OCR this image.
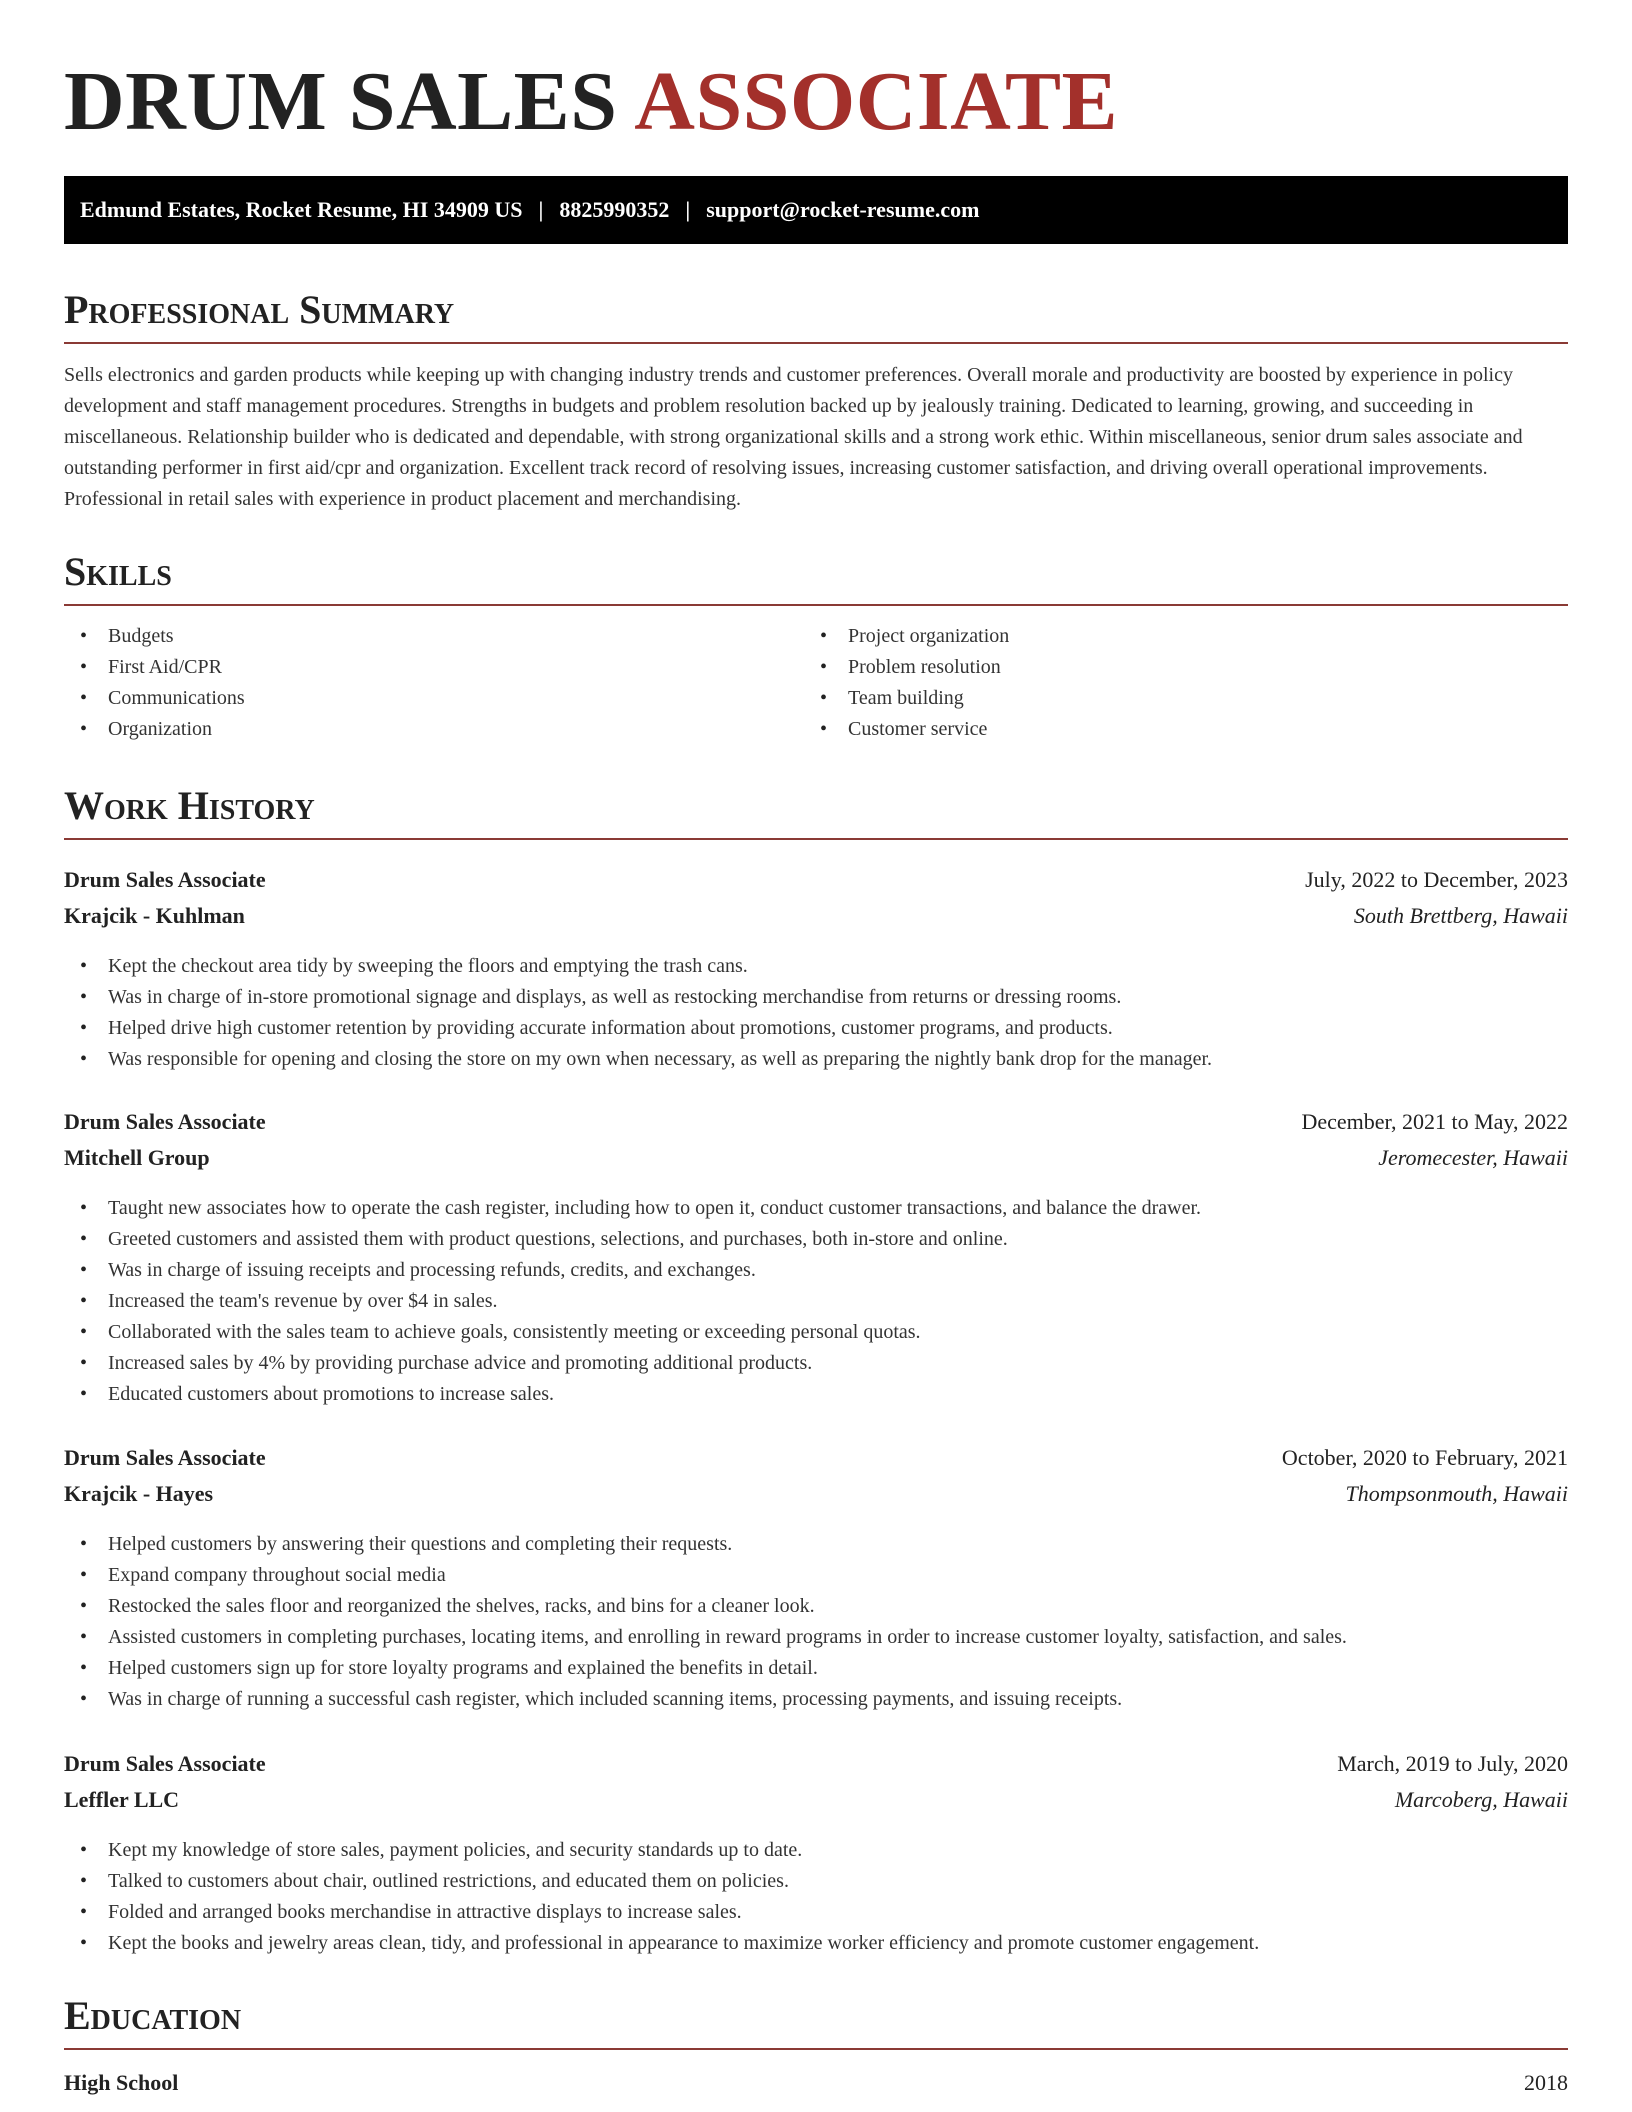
DRUM SALES ASSOCIATE
Edmund Estates, Rocket Resume, HI 34909 US | 8825990352 | support@rocket-resume.com
Professional Summary

Sells electronics and garden products while keeping up with changing industry trends and customer preferences. Overall morale and productivity are boosted by experience in policy development and staff management procedures. Strengths in budgets and problem resolution backed up by jealously training. Dedicated to learning, growing, and succeeding in miscellaneous. Relationship builder who is dedicated and dependable, with strong organizational skills and a strong work ethic. Within miscellaneous, senior drum sales associate and outstanding performer in first aid/cpr and organization. Excellent track record of resolving issues, increasing customer satisfaction, and driving overall operational improvements. Professional in retail sales with experience in product placement and merchandising.

Skills
• Budgets
• First Aid/CPR
• Communications
• Organization
• Project organization
• Problem resolution
• Team building
• Customer service
Work History
Drum Sales Associate	July, 2022 to December, 2023
Krajcik - Kuhlman	South Brettberg, Hawaii
• Kept the checkout area tidy by sweeping the floors and emptying the trash cans.
• Was in charge of in-store promotional signage and displays, as well as restocking merchandise from returns or dressing rooms.
• Helped drive high customer retention by providing accurate information about promotions, customer programs, and products.
• Was responsible for opening and closing the store on my own when necessary, as well as preparing the nightly bank drop for the manager.
Drum Sales Associate	December, 2021 to May, 2022
Mitchell Group	Jeromecester, Hawaii
• Taught new associates how to operate the cash register, including how to open it, conduct customer transactions, and balance the drawer.
• Greeted customers and assisted them with product questions, selections, and purchases, both in-store and online.
• Was in charge of issuing receipts and processing refunds, credits, and exchanges.
• Increased the team's revenue by over $4 in sales.
• Collaborated with the sales team to achieve goals, consistently meeting or exceeding personal quotas.
• Increased sales by 4% by providing purchase advice and promoting additional products.
• Educated customers about promotions to increase sales.
Drum Sales Associate	October, 2020 to February, 2021
Krajcik - Hayes	Thompsonmouth, Hawaii
• Helped customers by answering their questions and completing their requests.
• Expand company throughout social media
• Restocked the sales floor and reorganized the shelves, racks, and bins for a cleaner look.
• Assisted customers in completing purchases, locating items, and enrolling in reward programs in order to increase customer loyalty, satisfaction, and sales.
• Helped customers sign up for store loyalty programs and explained the benefits in detail.
• Was in charge of running a successful cash register, which included scanning items, processing payments, and issuing receipts.
Drum Sales Associate	March, 2019 to July, 2020
Leffler LLC	Marcoberg, Hawaii
• Kept my knowledge of store sales, payment policies, and security standards up to date.
• Talked to customers about chair, outlined restrictions, and educated them on policies.
• Folded and arranged books merchandise in attractive displays to increase sales.
• Kept the books and jewelry areas clean, tidy, and professional in appearance to maximize worker efficiency and promote customer engagement.
Education
High School	2018
